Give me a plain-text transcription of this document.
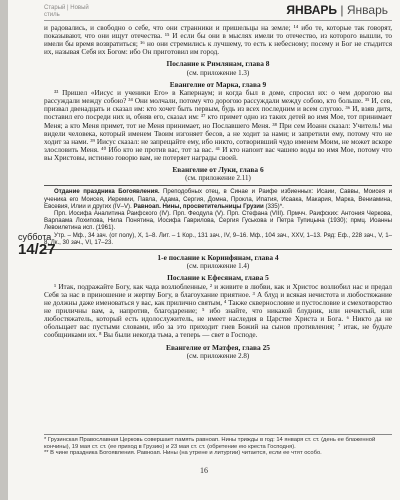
Старый | Новый
стиль	ЯНВАРЬ | Январь

и радовались, и свободно о себе, что они странники и пришельцы на земле; ¹⁴ ибо те, которые так говорят, показывают, что они ищут отечества. ¹⁵ И если бы они в мыслях имели то отечество, из которого вышли, то имели бы время возвратиться; ¹⁶ но они стремились к лучшему, то есть к небесному; посему и Бог не стыдится их, называя Себя их Богом: ибо Он приготовил им город.

Послание к Римлянам, глава 8
(см. приложение 1.3)
Евангелие от Марка, глава 9

³³ Пришел «Иисус и ученики Его» в Капернаум; и когда был в доме, спросил их: о чем дорогою вы рассуждали между собою? ³⁴ Они молчали, потому что дорогою рассуждали между собою, кто больше. ³⁵ И, сев, призвал двенадцать и сказал им: кто хочет быть первым, будь из всех последним и всем слугою. ³⁶ И, взяв дитя, поставил его посреди них и, обняв его, сказал им: ³⁷ кто примет одно из таких детей во имя Мое, тот принимает Меня; а кто Меня примет, тот не Меня принимает, но Пославшего Меня. ³⁸ При сем Иоанн сказал: Учитель! мы видели человека, который именем Твоим изгоняет бесов, а не ходит за нами; и запретили ему, потому что не ходит за нами. ³⁹ Иисус сказал: не запрещайте ему, ибо никто, сотворивший чудо именем Моим, не может вскоре злословить Меня. ⁴⁰ Ибо кто не против вас, тот за вас. ⁴¹ И кто напоит вас чашею воды во имя Мое, потому что вы Христовы, истинно говорю вам, не потеряет награды своей.

Евангелие от Луки, глава 6
(см. приложение 2.11)
Отдание праздника Богоявления. Преподобных отец, в Синае и Раифе избиенных: Исаии, Саввы, Моисея и ученика его Моисея, Иеремии, Павла, Адама, Сергия, Домна, Прокла, Ипатия, Исаака, Макария, Марка, Вениамина, Евсевия, Илии и других (IV–V). Равноап. Нины, просветительницы Грузии (335)*.
Прп. Иосифа Аналитина Раифского (IV). Прп. Феодула (V). Прп. Стефана (VIII). Прмчч. Раифских: Антония Черкова, Варлаама Лохипова, Нила Понятина, Иосифа Гаврилова, Сергия Гуськова и Петра Тупицына (1930); прмц. Иоанны Левоилетина исп. (1961).
Утр. – Мф., 34 зач. (от полу), X, 1–8. Лит. – 1 Кор., 131 зач., IV, 9–16. Мф., 104 зач., XXV, 1–13. Ряд: Еф., 228 зач., V, 1–8. Лк., 30 зач., VI, 17–23.
1-е послание к Коринфянам, глава 4
(см. приложение 1.4)
Послание к Ефесянам, глава 5

¹ Итак, подражайте Богу, как чада возлюбленные, ² и живите в любви, как и Христос возлюбил нас и предал Себя за нас в приношение и жертву Богу, в благоухание приятное. ³ А блуд и всякая нечистота и любостяжание не должны даже именоваться у вас, как прилично святым, ⁴ Также сквернословие и пустословие и смехотворство не приличны вам, а, напротив, благодарение; ⁵ ибо знайте, что никакой блудник, или нечистый, или любостяжатель, который есть идолослужитель, не имеет наследия в Царстве Христа и Бога. ⁶ Никто да не обольщает вас пустыми словами, ибо за это приходит гнев Божий на сынов противления; ⁷ итак, не будьте сообщниками их. ⁸ Вы были некогда тьма, а теперь — свет в Господе.

Евангелие от Матфея, глава 25
(см. приложение 2.8)
суббота
14/27
* Грузинская Православная Церковь совершает память равноап. Нины трижды в год: 14 января ст. ст. (день ее блаженной кончины), 19 мая ст. ст. (ее приход в Грузию) и 23 мая ст. ст. (обретение ею креста Господня).
** В чине праздника Богоявления. Равноап. Нины (на утрене и литургии) читается, если ее чтят особо.
16
